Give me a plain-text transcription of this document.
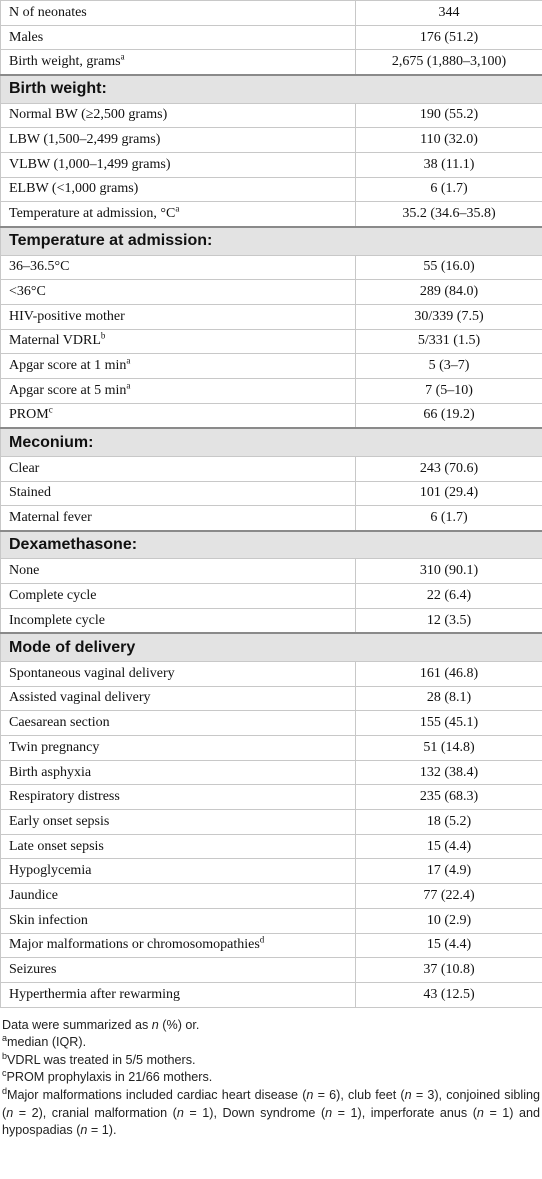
N of neonates	344
Males	176 (51.2)
Birth weight, grams$^a$	2,675 (1,880–3,100)
Birth weight:	
Normal BW (≥2,500 grams)	190 (55.2)
LBW (1,500–2,499 grams)	110 (32.0)
VLBW (1,000–1,499 grams)	38 (11.1)
ELBW (<1,000 grams)	6 (1.7)
Temperature at admission, $^\circ C^a$	35.2 (34.6–35.8)
Temperature at admission:	
36–36.5°C	55 (16.0)
<36°C	289 (84.0)
HIV-positive mother	30/339 (7.5)
Maternal VDRL$^b$	5/331 (1.5)
Apgar score at 1 $\min^a$	5 (3–7)
Apgar score at 5 $\min^a$	7 (5–10)
PROM$^c$	66 (19.2)
Meconium:	
Clear	243 (70.6)
Stained	101 (29.4)
Maternal fever	6 (1.7)
Dexamethasone:	
None	310 (90.1)
Complete cycle	22 (6.4)
Incomplete cycle	12 (3.5)
Mode of delivery	
Spontaneous vaginal delivery	161 (46.8)
Assisted vaginal delivery	28 (8.1)
Caesarean section	155 (45.1)
Twin pregnancy	51 (14.8)
Birth asphyxia	132 (38.4)
Respiratory distress	235 (68.3)
Early onset sepsis	18 (5.2)
Late onset sepsis	15 (4.4)
Hypoglycemia	17 (4.9)
Jaundice	77 (22.4)
Skin infection	10 (2.9)
Major malformations or chromosomopathies$^d$	15 (4.4)
Seizures	37 (10.8)
Hyperthermia after rewarming	43 (12.5)

Data were summarized as n (%) or.

$^a$median (IQR).

$^b$VDRL was treated in 5/5 mothers.

$^c$PROM prophylaxis in 21/66 mothers.

$^d$Major malformations included cardiac heart disease (n = 6), club feet (n = 3), conjoined sibling (n = 2), cranial malformation (n = 1), Down syndrome (n = 1), imperforate anus (n = 1) and hypospadias (n = 1).
